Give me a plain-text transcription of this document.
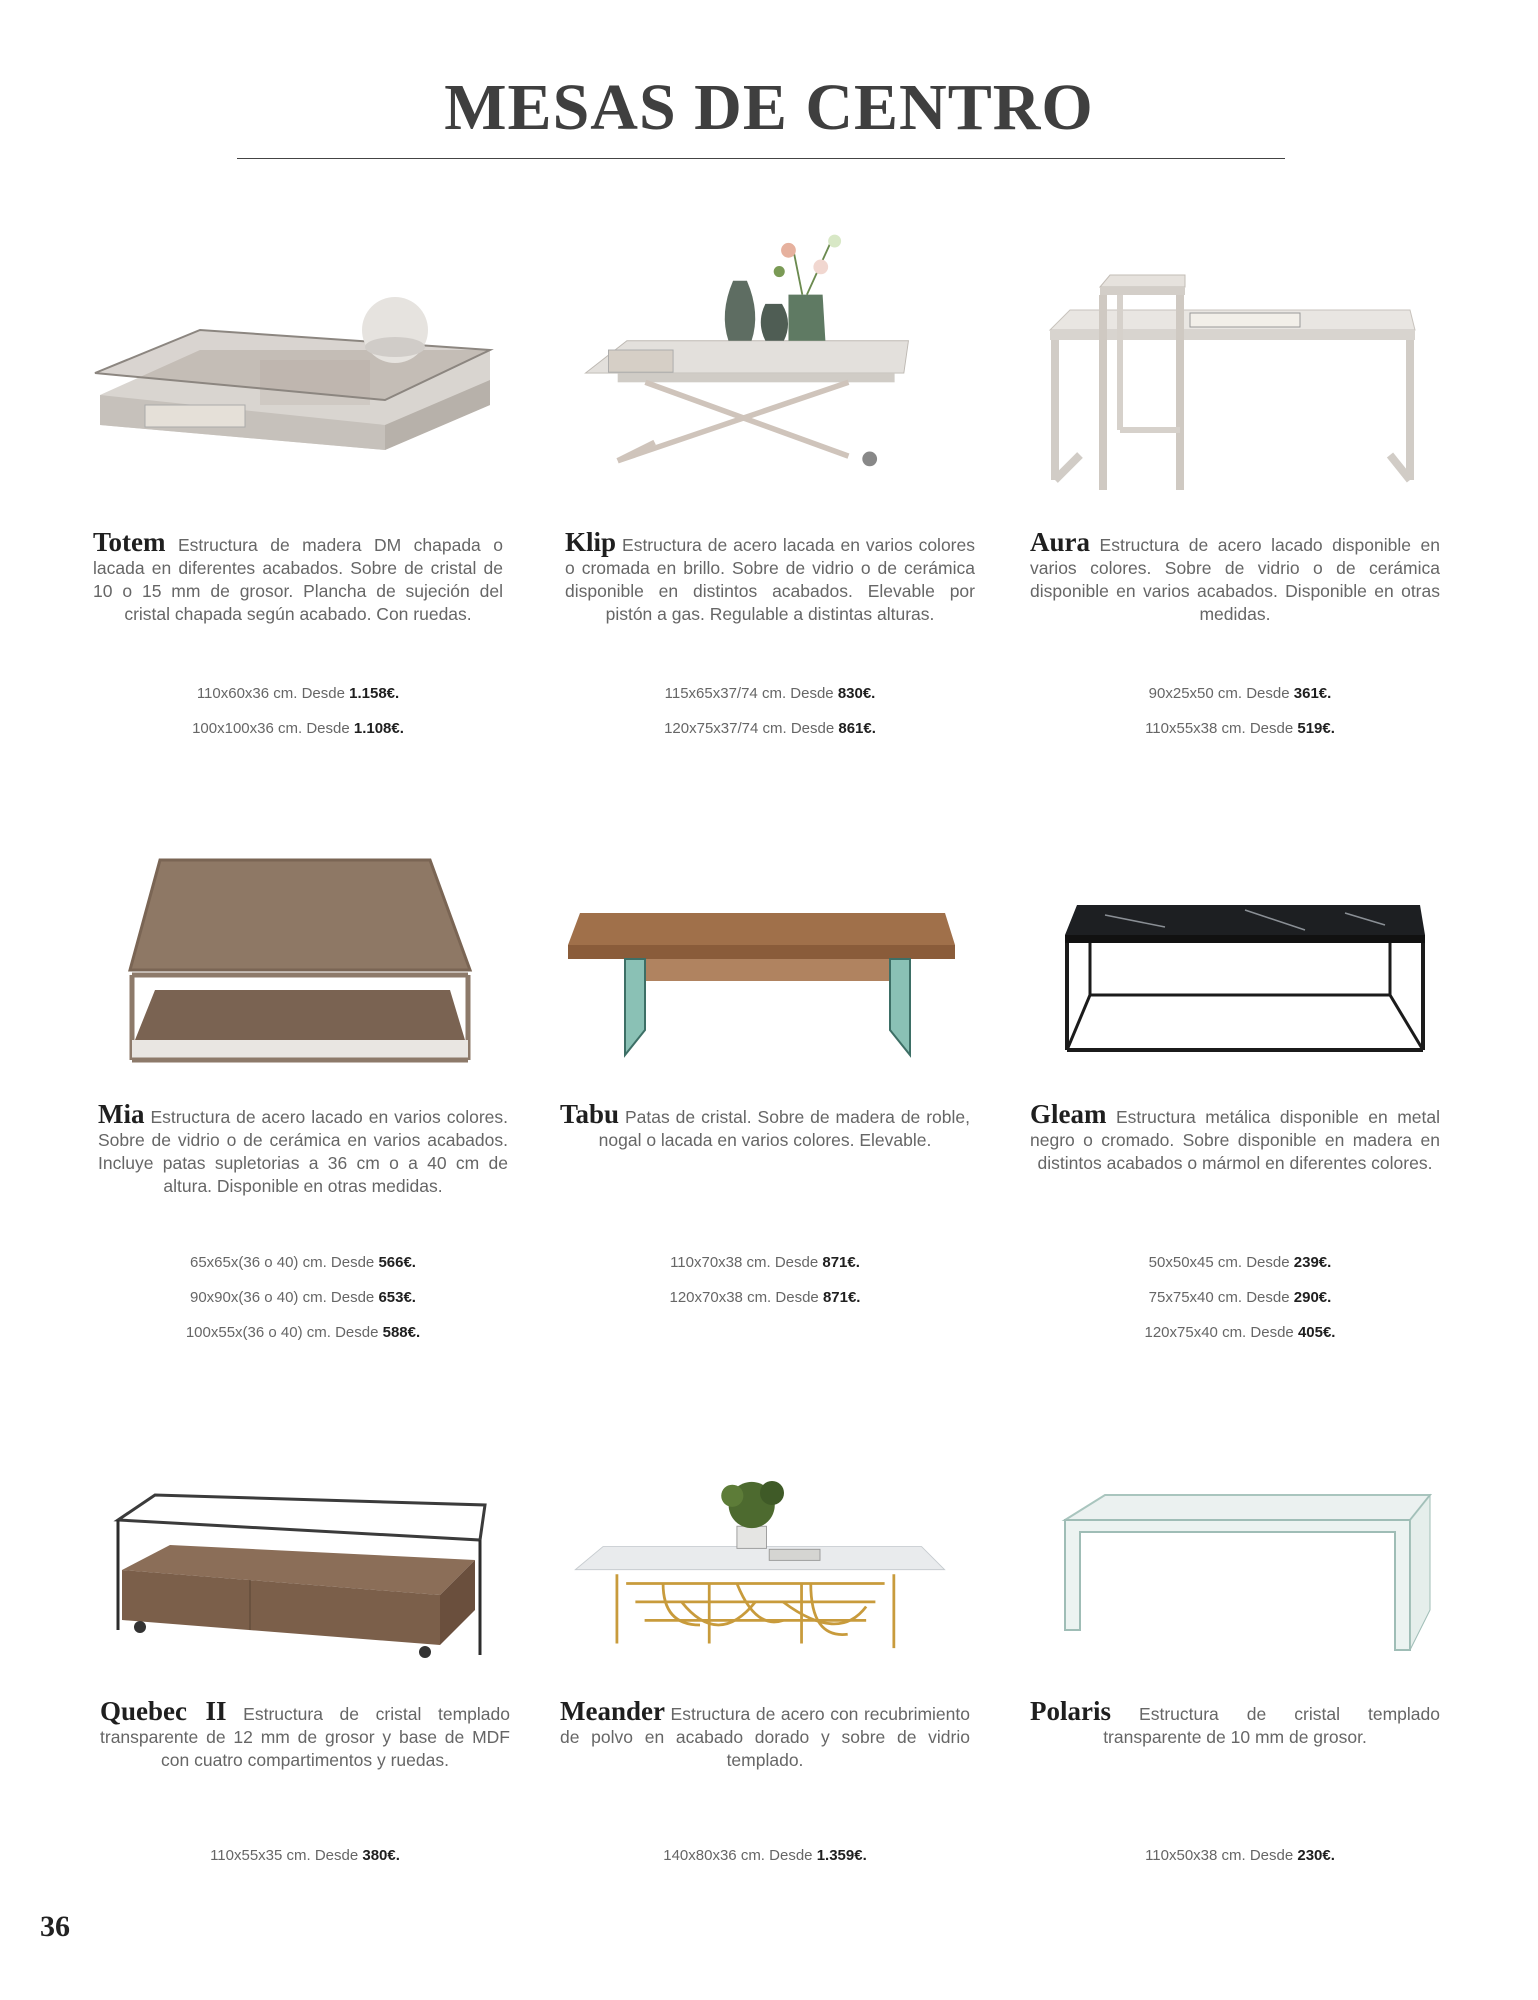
MESAS DE CENTRO
Totem Estructura de madera DM chapada o lacada en diferentes acabados. Sobre de cristal de 10 o 15 mm de grosor. Plancha de sujeción del cristal chapada según acabado. Con ruedas.
110x60x36 cm. Desde 1.158€.
100x100x36 cm. Desde 1.108€.
Klip Estructura de acero lacada en varios colores o cromada en brillo. Sobre de vidrio o de cerámica disponible en distintos acabados. Elevable por pistón a gas. Regulable a distintas alturas.
115x65x37/74 cm. Desde 830€.
120x75x37/74 cm. Desde 861€.
Aura Estructura de acero lacado disponible en varios colores. Sobre de vidrio o de cerámica disponible en varios acabados. Disponible en otras medidas.
90x25x50 cm. Desde 361€.
110x55x38 cm. Desde 519€.
Mia Estructura de acero lacado en varios colores. Sobre de vidrio o de cerámica en varios acabados. Incluye patas supletorias a 36 cm o a 40 cm de altura. Disponible en otras medidas.
65x65x(36 o 40) cm. Desde 566€.
90x90x(36 o 40) cm. Desde 653€.
100x55x(36 o 40) cm. Desde 588€.
Tabu Patas de cristal. Sobre de madera de roble, nogal o lacada en varios colores. Elevable.
110x70x38 cm. Desde 871€.
120x70x38 cm. Desde 871€.
Gleam Estructura metálica disponible en metal negro o cromado. Sobre disponible en madera en distintos acabados o mármol en diferentes colores.
50x50x45 cm. Desde 239€.
75x75x40 cm. Desde 290€.
120x75x40 cm. Desde 405€.
Quebec II Estructura de cristal templado transparente de 12 mm de grosor y base de MDF con cuatro compartimentos y ruedas.
110x55x35 cm. Desde 380€.
Meander Estructura de acero con recubrimiento de polvo en acabado dorado y sobre de vidrio templado.
140x80x36 cm. Desde 1.359€.
Polaris Estructura de cristal templado transparente de 10 mm de grosor.
110x50x38 cm. Desde 230€.
36
